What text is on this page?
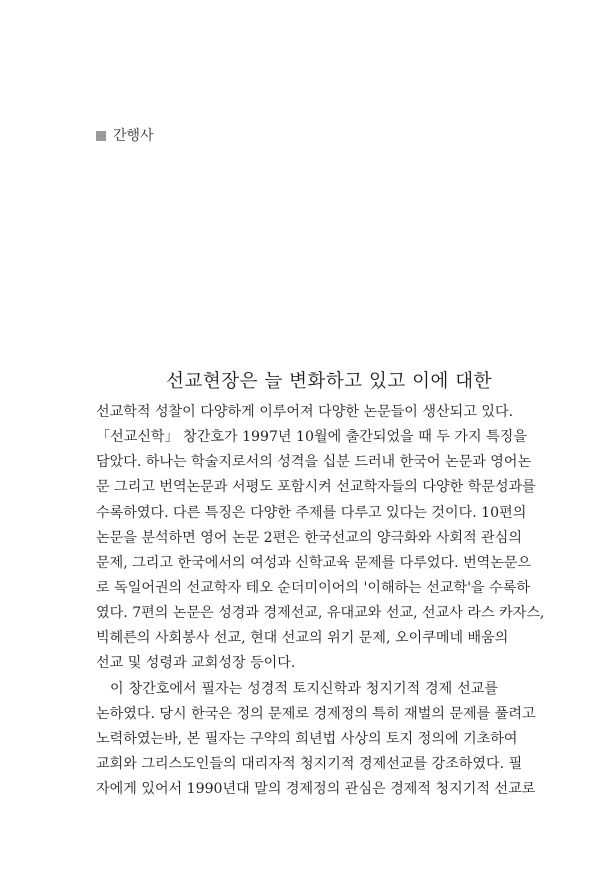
간행사
선교현장은 늘 변화하고 있고 이에 대한
선교학적 성찰이 다양하게 이루어져 다양한 논문들이 생산되고 있다.
「선교신학」 창간호가 1997년 10월에 출간되었을 때 두 가지 특징을
담았다. 하나는 학술지로서의 성격을 십분 드러내 한국어 논문과 영어논
문 그리고 번역논문과 서평도 포함시켜 선교학자들의 다양한 학문성과를
수록하였다. 다른 특징은 다양한 주제를 다루고 있다는 것이다. 10편의
논문을 분석하면 영어 논문 2편은 한국선교의 양극화와 사회적 관심의
문제, 그리고 한국에서의 여성과 신학교육 문제를 다루었다. 번역논문으
로 독일어권의 선교학자 테오 순더미이어의 '이해하는 선교학'을 수록하
였다. 7편의 논문은 성경과 경제선교, 유대교와 선교, 선교사 라스 카자스,
빅헤른의 사회봉사 선교, 현대 선교의 위기 문제, 오이쿠메네 배움의
선교 및 성령과 교회성장 등이다.
이 창간호에서 필자는 성경적 토지신학과 청지기적 경제 선교를
논하였다. 당시 한국은 정의 문제로 경제정의 특히 재벌의 문제를 풀려고
노력하였는바, 본 필자는 구약의 희년법 사상의 토지 정의에 기초하여
교회와 그리스도인들의 대리자적 청지기적 경제선교를 강조하였다. 필
자에게 있어서 1990년대 말의 경제정의 관심은 경제적 청지기적 선교로
